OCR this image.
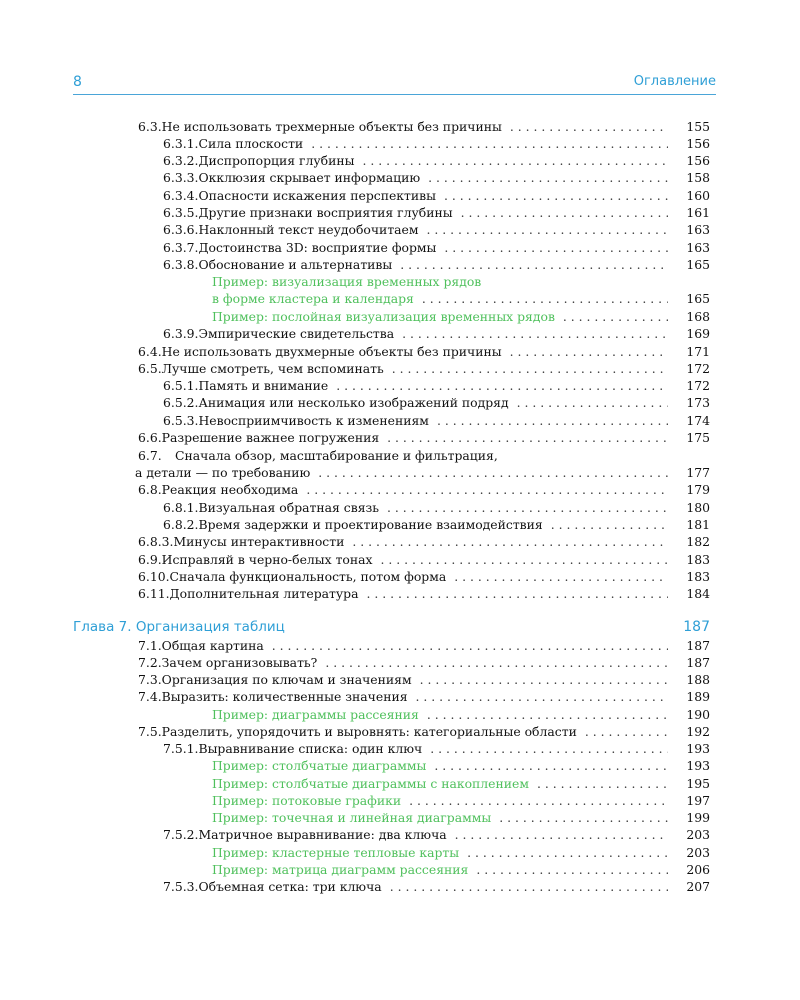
8	Оглавление
6.3. Не использовать трехмерные объекты без причины . . .	155
6.3.1. Сила плоскости . . .	156
6.3.2. Диспропорция глубины . . .	156
6.3.3. Окклюзия скрывает информацию . . .	158
6.3.4. Опасности искажения перспективы . . .	160
6.3.5. Другие признаки восприятия глубины . . .	161
6.3.6. Наклонный текст неудобочитаем . . .	163
6.3.7. Достоинства 3D: восприятие формы . . .	163
6.3.8. Обоснование и альтернативы . . .	165
Пример: визуализация временных рядов
в форме кластера и календаря . . .	165
Пример: послойная визуализация временных рядов . . .	168
6.3.9. Эмпирические свидетельства . . .	169
6.4. Не использовать двухмерные объекты без причины . . .	171
6.5. Лучше смотреть, чем вспоминать . . .	172
6.5.1. Память и внимание . . .	172
6.5.2. Анимация или несколько изображений подряд . . .	173
6.5.3. Невосприимчивость к изменениям . . .	174
6.6. Разрешение важнее погружения . . .	175
6.7.	Сначала обзор, масштабирование и фильтрация,
а детали — по требованию . . .	177
6.8. Реакция необходима . . .	179
6.8.1. Визуальная обратная связь . . .	180
6.8.2. Время задержки и проектирование взаимодействия . . .	181
6.8.3. Минусы интерактивности . . .	182
6.9. Исправляй в черно-белых тонах . . .	183
6.10. Сначала функциональность, потом форма . . .	183
6.11. Дополнительная литература . . .	184
Глава 7. Организация таблиц	187
7.1. Общая картина . . .	187
7.2. Зачем организовывать? . . .	187
7.3. Организация по ключам и значениям . . .	188
7.4. Выразить: количественные значения . . .	189
Пример: диаграммы рассеяния . . .	190
7.5. Разделить, упорядочить и выровнять: категориальные области . . .	192
7.5.1. Выравнивание списка: один ключ . . .	193
Пример: столбчатые диаграммы . . .	193
Пример: столбчатые диаграммы с накоплением . . .	195
Пример: потоковые графики . . .	197
Пример: точечная и линейная диаграммы . . .	199
7.5.2. Матричное выравнивание: два ключа . . .	203
Пример: кластерные тепловые карты . . .	203
Пример: матрица диаграмм рассеяния . . .	206
7.5.3. Объемная сетка: три ключа . . .	207
